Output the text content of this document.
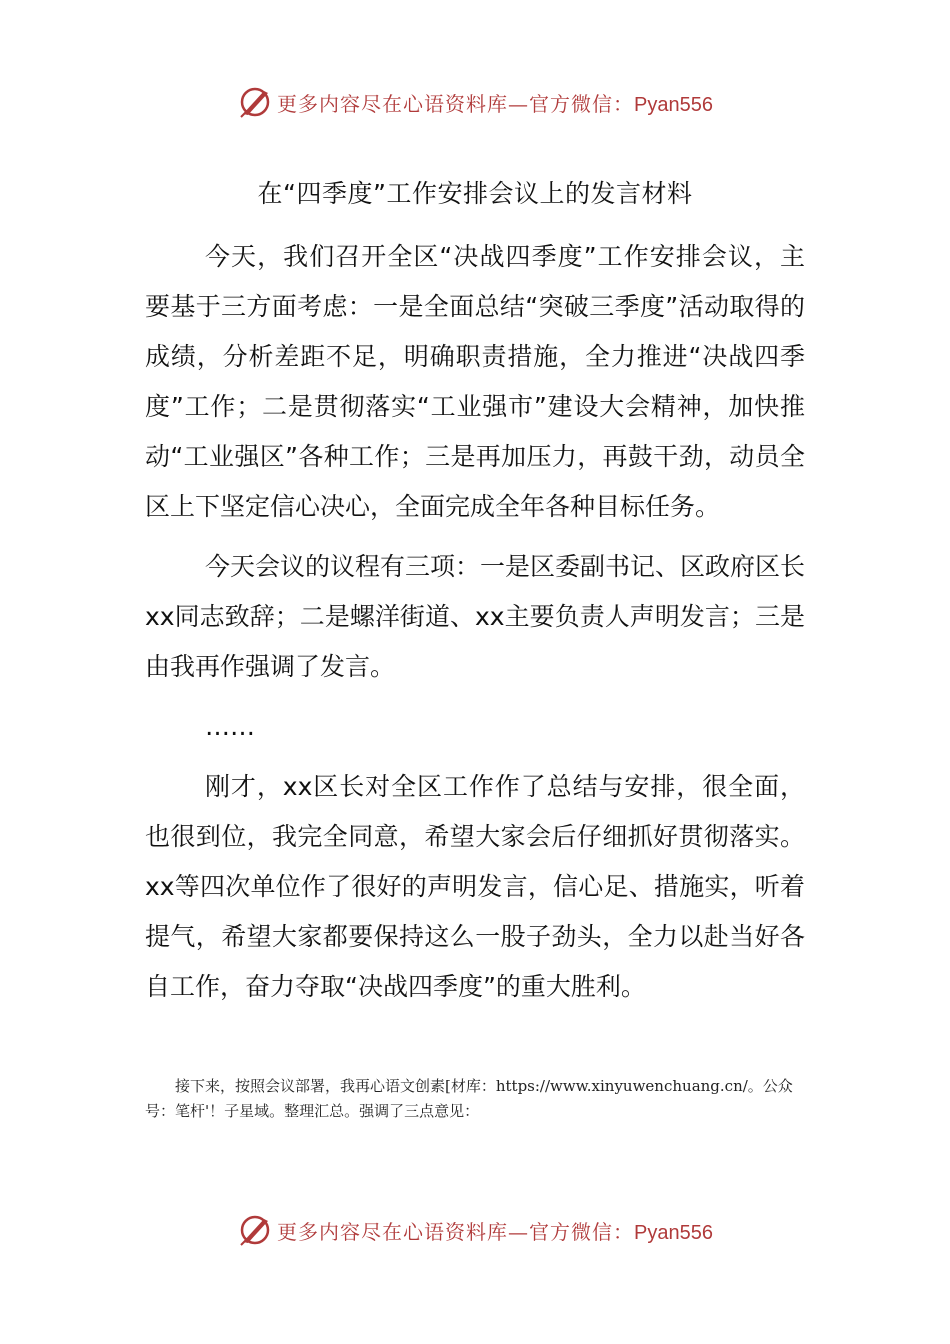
更多内容尽在心语资料库—官方微信：Pyan556
在“四季度”工作安排会议上的发言材料

今天，我们召开全区“决战四季度”工作安排会议，主要基于三方面考虑：一是全面总结“突破三季度”活动取得的成绩，分析差距不足，明确职责措施，全力推进“决战四季度”工作；二是贯彻落实“工业强市”建设大会精神，加快推动“工业强区”各种工作；三是再加压力，再鼓干劲，动员全区上下坚定信心决心，全面完成全年各种目标任务。

今天会议的议程有三项：一是区委副书记、区政府区长xx同志致辞；二是螺洋街道、xx主要负责人声明发言；三是由我再作强调了发言。

……

刚才，xx区长对全区工作作了总结与安排，很全面，也很到位，我完全同意，希望大家会后仔细抓好贯彻落实。xx等四次单位作了很好的声明发言，信心足、措施实，听着提气，希望大家都要保持这么一股子劲头，全力以赴当好各自工作，奋力夺取“决战四季度”的重大胜利。

接下来，按照会议部署，我再心语文创素[材库：https://www.xinyuwenchuang.cn/。公众号：笔杆'！子星域。整理汇总。强调了三点意见：
更多内容尽在心语资料库—官方微信：Pyan556
